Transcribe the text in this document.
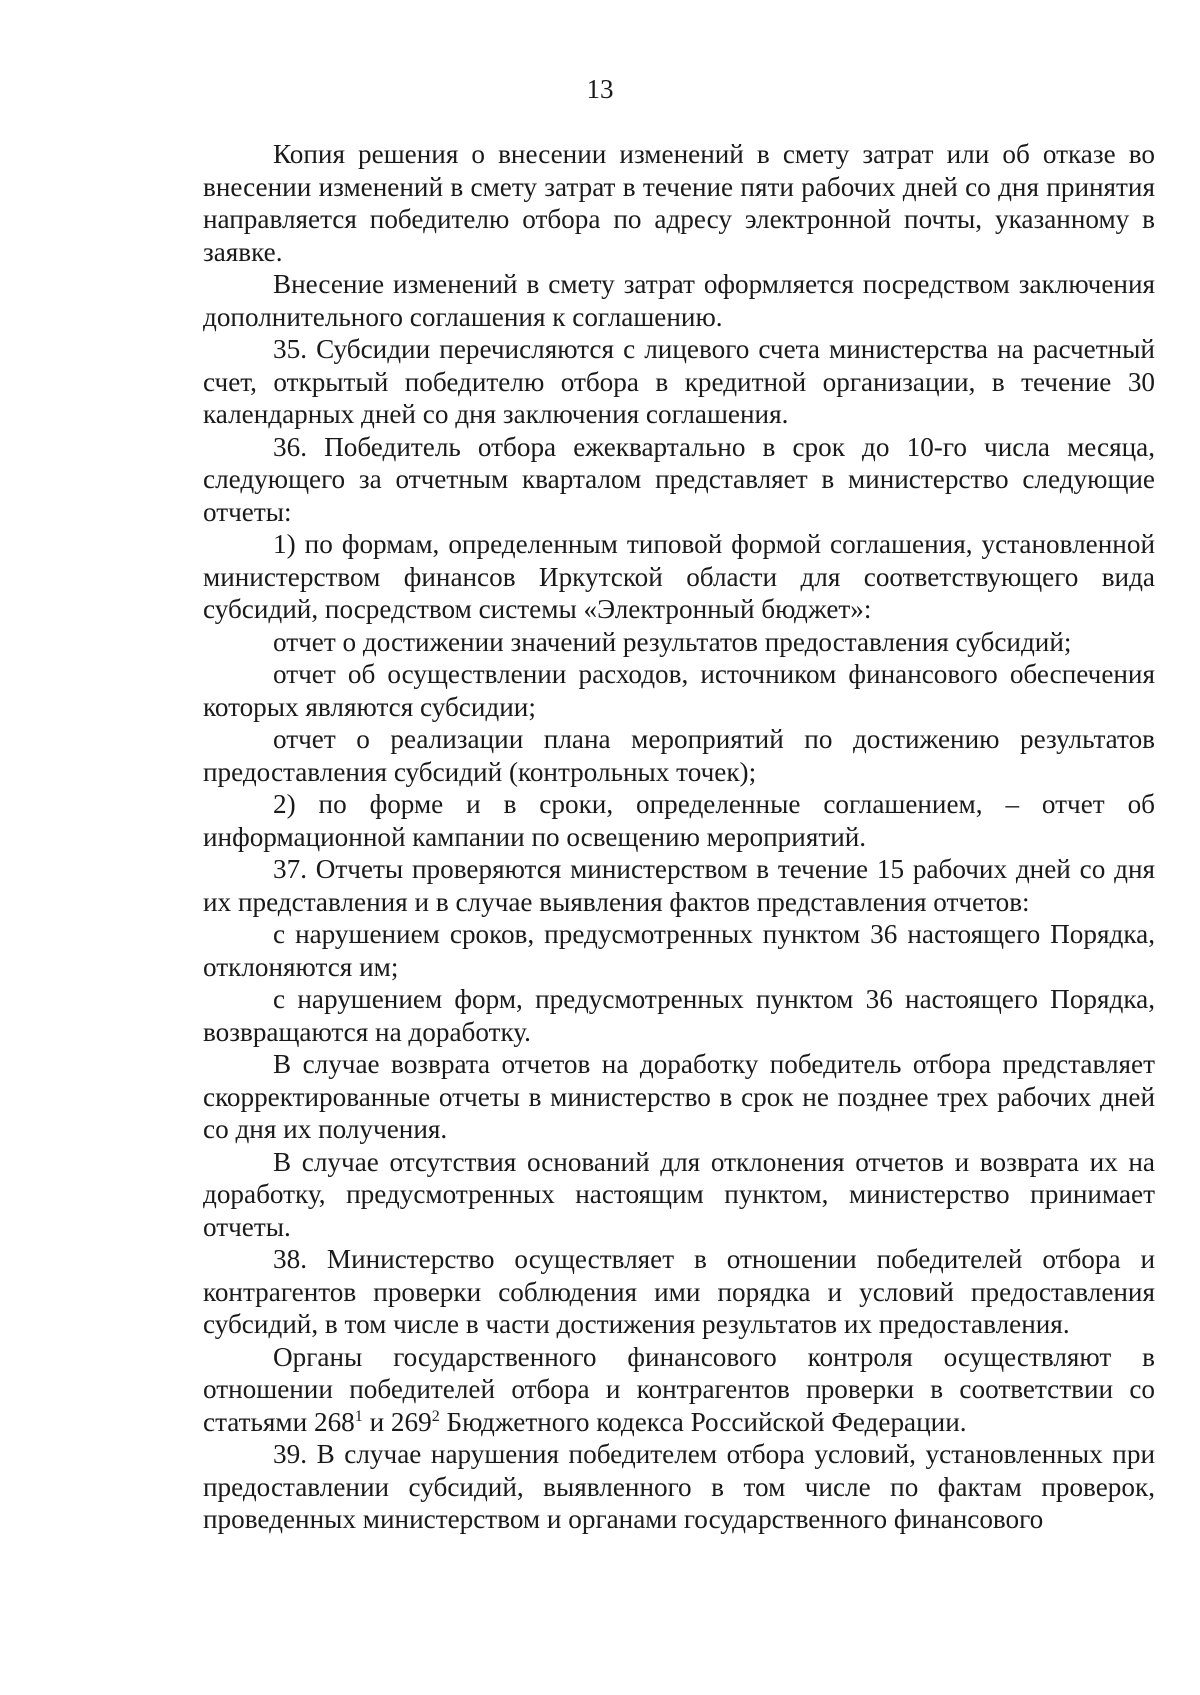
13

Копия решения о внесении изменений в смету затрат или об отказе во внесении изменений в смету затрат в течение пяти рабочих дней со дня принятия направляется победителю отбора по адресу электронной почты, указанному в заявке.

Внесение изменений в смету затрат оформляется посредством заключения дополнительного соглашения к соглашению.

35. Субсидии перечисляются с лицевого счета министерства на расчетный счет, открытый победителю отбора в кредитной организации, в течение 30 календарных дней со дня заключения соглашения.

36. Победитель отбора ежеквартально в срок до 10-го числа месяца, следующего за отчетным кварталом представляет в министерство следующие отчеты:

1) по формам, определенным типовой формой соглашения, установленной министерством финансов Иркутской области для соответствующего вида субсидий, посредством системы «Электронный бюджет»:

отчет о достижении значений результатов предоставления субсидий;

отчет об осуществлении расходов, источником финансового обеспечения которых являются субсидии;

отчет о реализации плана мероприятий по достижению результатов предоставления субсидий (контрольных точек);

2) по форме и в сроки, определенные соглашением, – отчет об информационной кампании по освещению мероприятий.

37. Отчеты проверяются министерством в течение 15 рабочих дней со дня их представления и в случае выявления фактов представления отчетов:

с нарушением сроков, предусмотренных пунктом 36 настоящего Порядка, отклоняются им;

с нарушением форм, предусмотренных пунктом 36 настоящего Порядка, возвращаются на доработку.

В случае возврата отчетов на доработку победитель отбора представляет скорректированные отчеты в министерство в срок не позднее трех рабочих дней со дня их получения.

В случае отсутствия оснований для отклонения отчетов и возврата их на доработку, предусмотренных настоящим пунктом, министерство принимает отчеты.

38. Министерство осуществляет в отношении победителей отбора и контрагентов проверки соблюдения ими порядка и условий предоставления субсидий, в том числе в части достижения результатов их предоставления.

Органы государственного финансового контроля осуществляют в отношении победителей отбора и контрагентов проверки в соответствии со статьями $268^1$ и $269^2$ Бюджетного кодекса Российской Федерации.

39. В случае нарушения победителем отбора условий, установленных при предоставлении субсидий, выявленного в том числе по фактам проверок, проведенных министерством и органами государственного финансового
